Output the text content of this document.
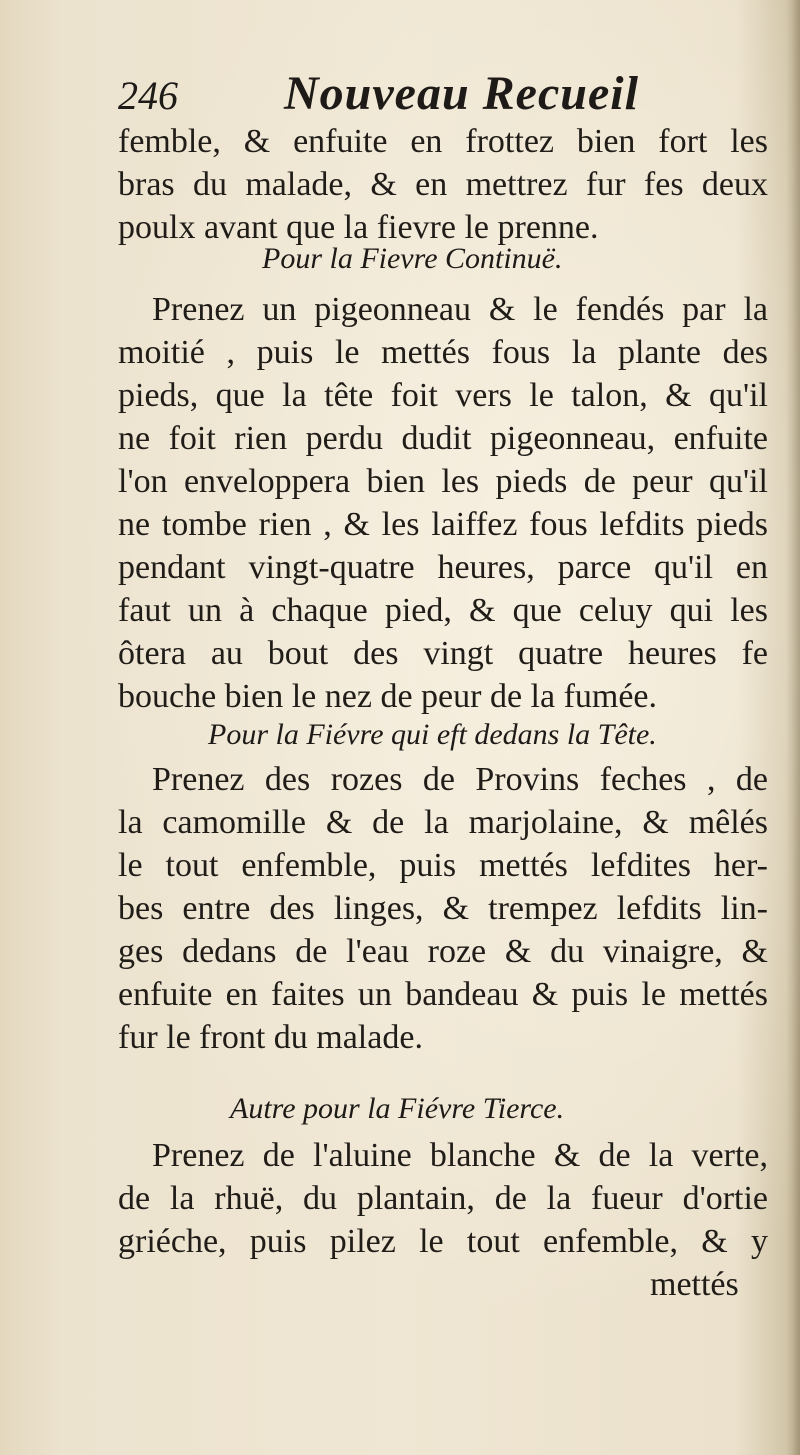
246 Nouveau Recueil
femble, & enfuite en frottez bien fort les
bras du malade, & en mettrez fur fes deux
poulx avant que la fievre le prenne.
Pour la Fievre Continuë.
Prenez un pigeonneau & le fendés par la
moitié , puis le mettés fous la plante des
pieds, que la tête foit vers le talon, & qu'il
ne foit rien perdu dudit pigeonneau, enfuite
l'on enveloppera bien les pieds de peur qu'il
ne tombe rien , & les laiffez fous lefdits pieds
pendant vingt-quatre heures, parce qu'il en
faut un à chaque pied, & que celuy qui les
ôtera au bout des vingt quatre heures fe
bouche bien le nez de peur de la fumée.
Pour la Fiévre qui eft dedans la Tête.
Prenez des rozes de Provins feches , de
la camomille & de la marjolaine, & mêlés
le tout enfemble, puis mettés lefdites her-
bes entre des linges, & trempez lefdits lin-
ges dedans de l'eau roze & du vinaigre, &
enfuite en faites un bandeau & puis le mettés
fur le front du malade.
Autre pour la Fiévre Tierce.
Prenez de l'aluine blanche & de la verte,
de la rhuë, du plantain, de la fueur d'ortie
griéche, puis pilez le tout enfemble, & y
mettés
